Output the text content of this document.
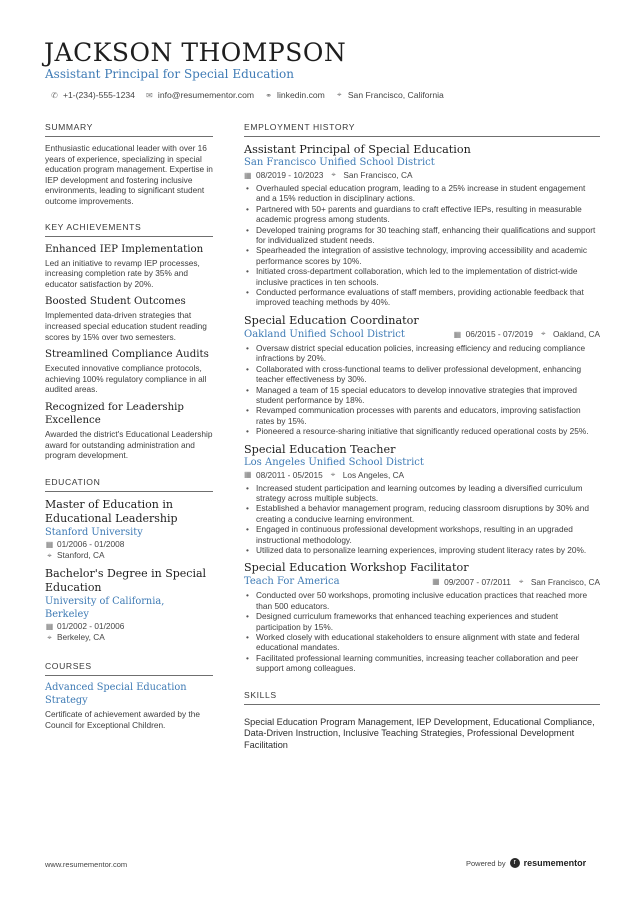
JACKSON THOMPSON
Assistant Principal for Special Education
✆ +1-(234)-555-1234 ✉ info@resumementor.com ⚭ linkedin.com ⌖ San Francisco, California
SUMMARY
Enthusiastic educational leader with over 16 years of experience, specializing in special education program management. Expertise in IEP development and fostering inclusive environments, leading to significant student outcome improvements.
KEY ACHIEVEMENTS
Enhanced IEP Implementation
Led an initiative to revamp IEP processes, increasing completion rate by 35% and educator satisfaction by 20%.
Boosted Student Outcomes
Implemented data-driven strategies that increased special education student reading scores by 15% over two semesters.
Streamlined Compliance Audits
Executed innovative compliance protocols, achieving 100% regulatory compliance in all audited areas.
Recognized for Leadership Excellence
Awarded the district's Educational Leadership award for outstanding administration and program development.
EDUCATION
Master of Education in Educational Leadership
Stanford University
▦ 01/2006 - 01/2008
⌖ Stanford, CA
Bachelor's Degree in Special Education
University of California, Berkeley
▦ 01/2002 - 01/2006
⌖ Berkeley, CA
COURSES
Advanced Special Education Strategy
Certificate of achievement awarded by the Council for Exceptional Children.
EMPLOYMENT HISTORY
Assistant Principal of Special Education
San Francisco Unified School District
▦ 08/2019 - 10/2023 ⌖ San Francisco, CA
• Overhauled special education program, leading to a 25% increase in student engagement and a 15% reduction in disciplinary actions.
• Partnered with 50+ parents and guardians to craft effective IEPs, resulting in measurable academic progress among students.
• Developed training programs for 30 teaching staff, enhancing their qualifications and support for individualized student needs.
• Spearheaded the integration of assistive technology, improving accessibility and academic performance scores by 10%.
• Initiated cross-department collaboration, which led to the implementation of district-wide inclusive practices in ten schools.
• Conducted performance evaluations of staff members, providing actionable feedback that improved teaching methods by 40%.
Special Education Coordinator
Oakland Unified School District	▦ 06/2015 - 07/2019 ⌖ Oakland, CA
• Oversaw district special education policies, increasing efficiency and reducing compliance infractions by 20%.
• Collaborated with cross-functional teams to deliver professional development, enhancing teacher effectiveness by 30%.
• Managed a team of 15 special educators to develop innovative strategies that improved student performance by 18%.
• Revamped communication processes with parents and educators, improving satisfaction rates by 15%.
• Pioneered a resource-sharing initiative that significantly reduced operational costs by 25%.
Special Education Teacher
Los Angeles Unified School District
▦ 08/2011 - 05/2015 ⌖ Los Angeles, CA
• Increased student participation and learning outcomes by leading a diversified curriculum strategy across multiple subjects.
• Established a behavior management program, reducing classroom disruptions by 30% and creating a conducive learning environment.
• Engaged in continuous professional development workshops, resulting in an upgraded instructional methodology.
• Utilized data to personalize learning experiences, improving student literacy rates by 20%.
Special Education Workshop Facilitator
Teach For America	▦ 09/2007 - 07/2011 ⌖ San Francisco, CA
• Conducted over 50 workshops, promoting inclusive education practices that reached more than 500 educators.
• Designed curriculum frameworks that enhanced teaching experiences and student participation by 15%.
• Worked closely with educational stakeholders to ensure alignment with state and federal educational mandates.
• Facilitated professional learning communities, increasing teacher collaboration and peer support among colleagues.
SKILLS
Special Education Program Management, IEP Development, Educational Compliance, Data-Driven Instruction, Inclusive Teaching Strategies, Professional Development Facilitation
www.resumementor.com	Powered by	r resumementor
